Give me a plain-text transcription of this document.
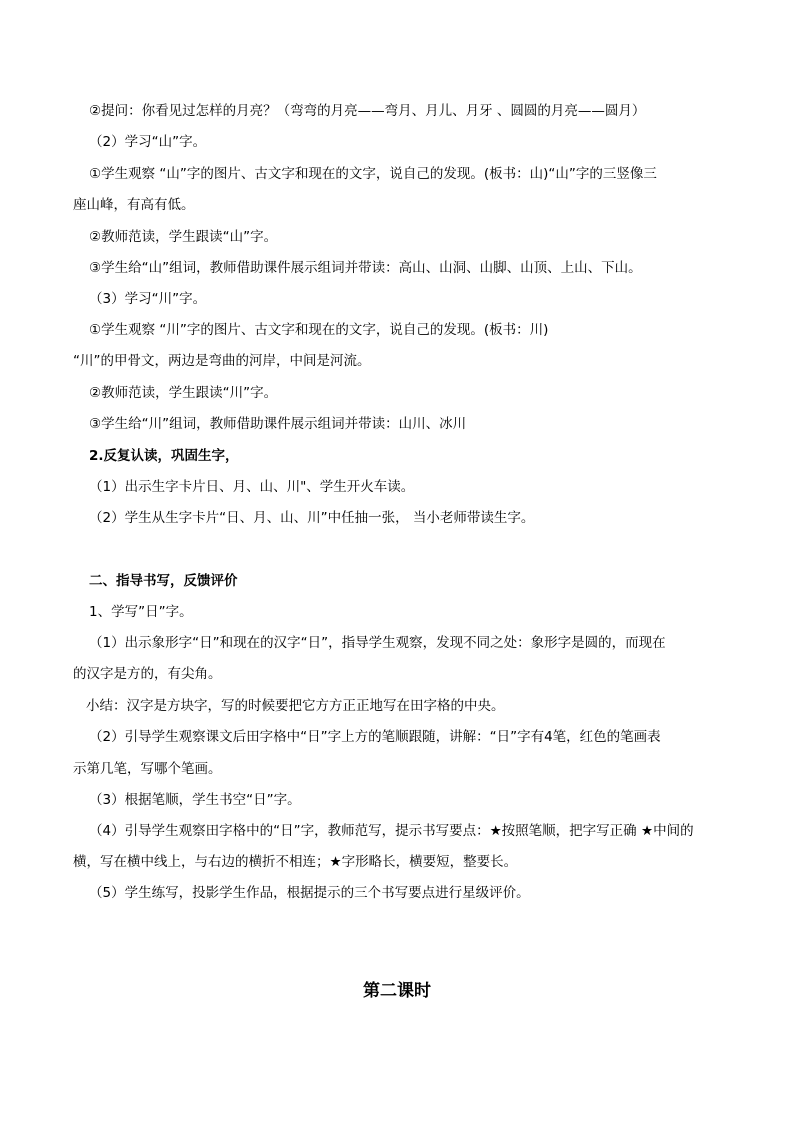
②提问：你看见过怎样的月亮？（弯弯的月亮——弯月、月儿、月牙 、圆圆的月亮——圆月）
（2）学习“山”字。
①学生观察 “山”字的图片、古文字和现在的文字，说自己的发现。(板书：山)“山”字的三竖像三
座山峰，有高有低。
②教师范读，学生跟读“山”字。
③学生给“山”组词，教师借助课件展示组词并带读：高山、山洞、山脚、山顶、上山、下山。
（3）学习“川”字。
①学生观察 “川”字的图片、古文字和现在的文字，说自己的发现。(板书：川)
“川”的甲骨文，两边是弯曲的河岸，中间是河流。
②教师范读，学生跟读“川”字。
③学生给“川”组词，教师借助课件展示组词并带读：山川、冰川
2.反复认读，巩固生字，
（1）出示生字卡片日、月、山、川"、学生开火车读。
（2）学生从生字卡片“日、月、山、川”中任抽一张， 当小老师带读生字。
二、指导书写，反馈评价
1、学写”日”字。
（1）出示象形字“日”和现在的汉字“日”，指导学生观察，发现不同之处：象形字是圆的，而现在
的汉字是方的，有尖角。
小结：汉字是方块字，写的时候要把它方方正正地写在田字格的中央。
（2）引导学生观察课文后田字格中“日”字上方的笔顺跟随，讲解：“日”字有4笔，红色的笔画表
示第几笔，写哪个笔画。
（3）根据笔顺，学生书空“日”字。
（4）引导学生观察田字格中的“日”字，教师范写，提示书写要点：★按照笔顺，把字写正确 ★中间的
横，写在横中线上，与右边的横折不相连；★字形略长，横要短，整要长。
（5）学生练写，投影学生作品，根据提示的三个书写要点进行星级评价。
第二课时
